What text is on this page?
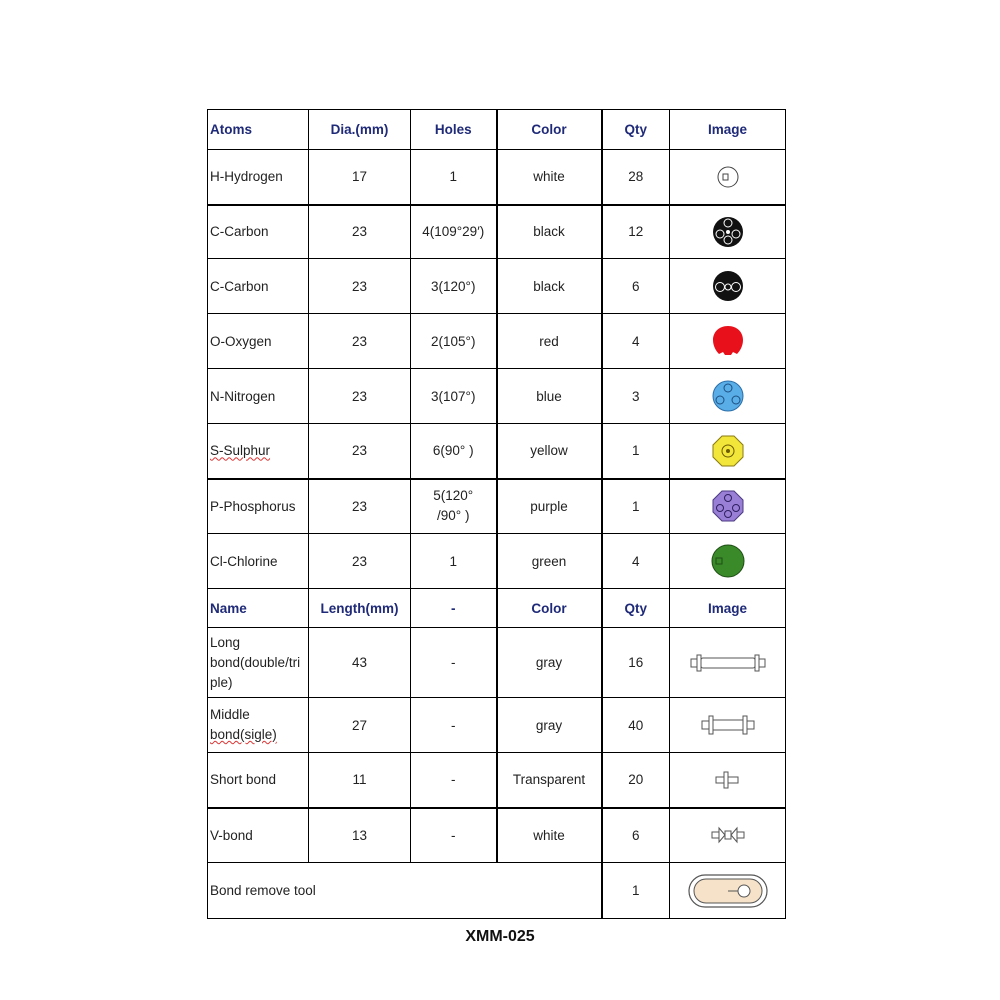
Atoms	Dia.(mm)	Holes	Color	Qty	Image
H-Hydrogen	17	1	white	28	

C-Carbon	23	4(109°29′)	black	12	

C-Carbon	23	3(120°)	black	6	

O-Oxygen	23	2(105°)	red	4	

N-Nitrogen	23	3(107°)	blue	3	

S-Sulphur	23	6(90° )	yellow	1	

P-Phosphorus	23	5(120°
/90° )	purple	1	

Cl-Chlorine	23	1	green	4	

Name	Length(mm)	-	Color	Qty	Image
Long
bond(double/tri
ple)	43	-	gray	16	

Middle
bond(sigle)	27	-	gray	40	

Short bond	11	-	Transparent	20	

V-bond	13	-	white	6	

Bond remove tool				1	
XMM-025
